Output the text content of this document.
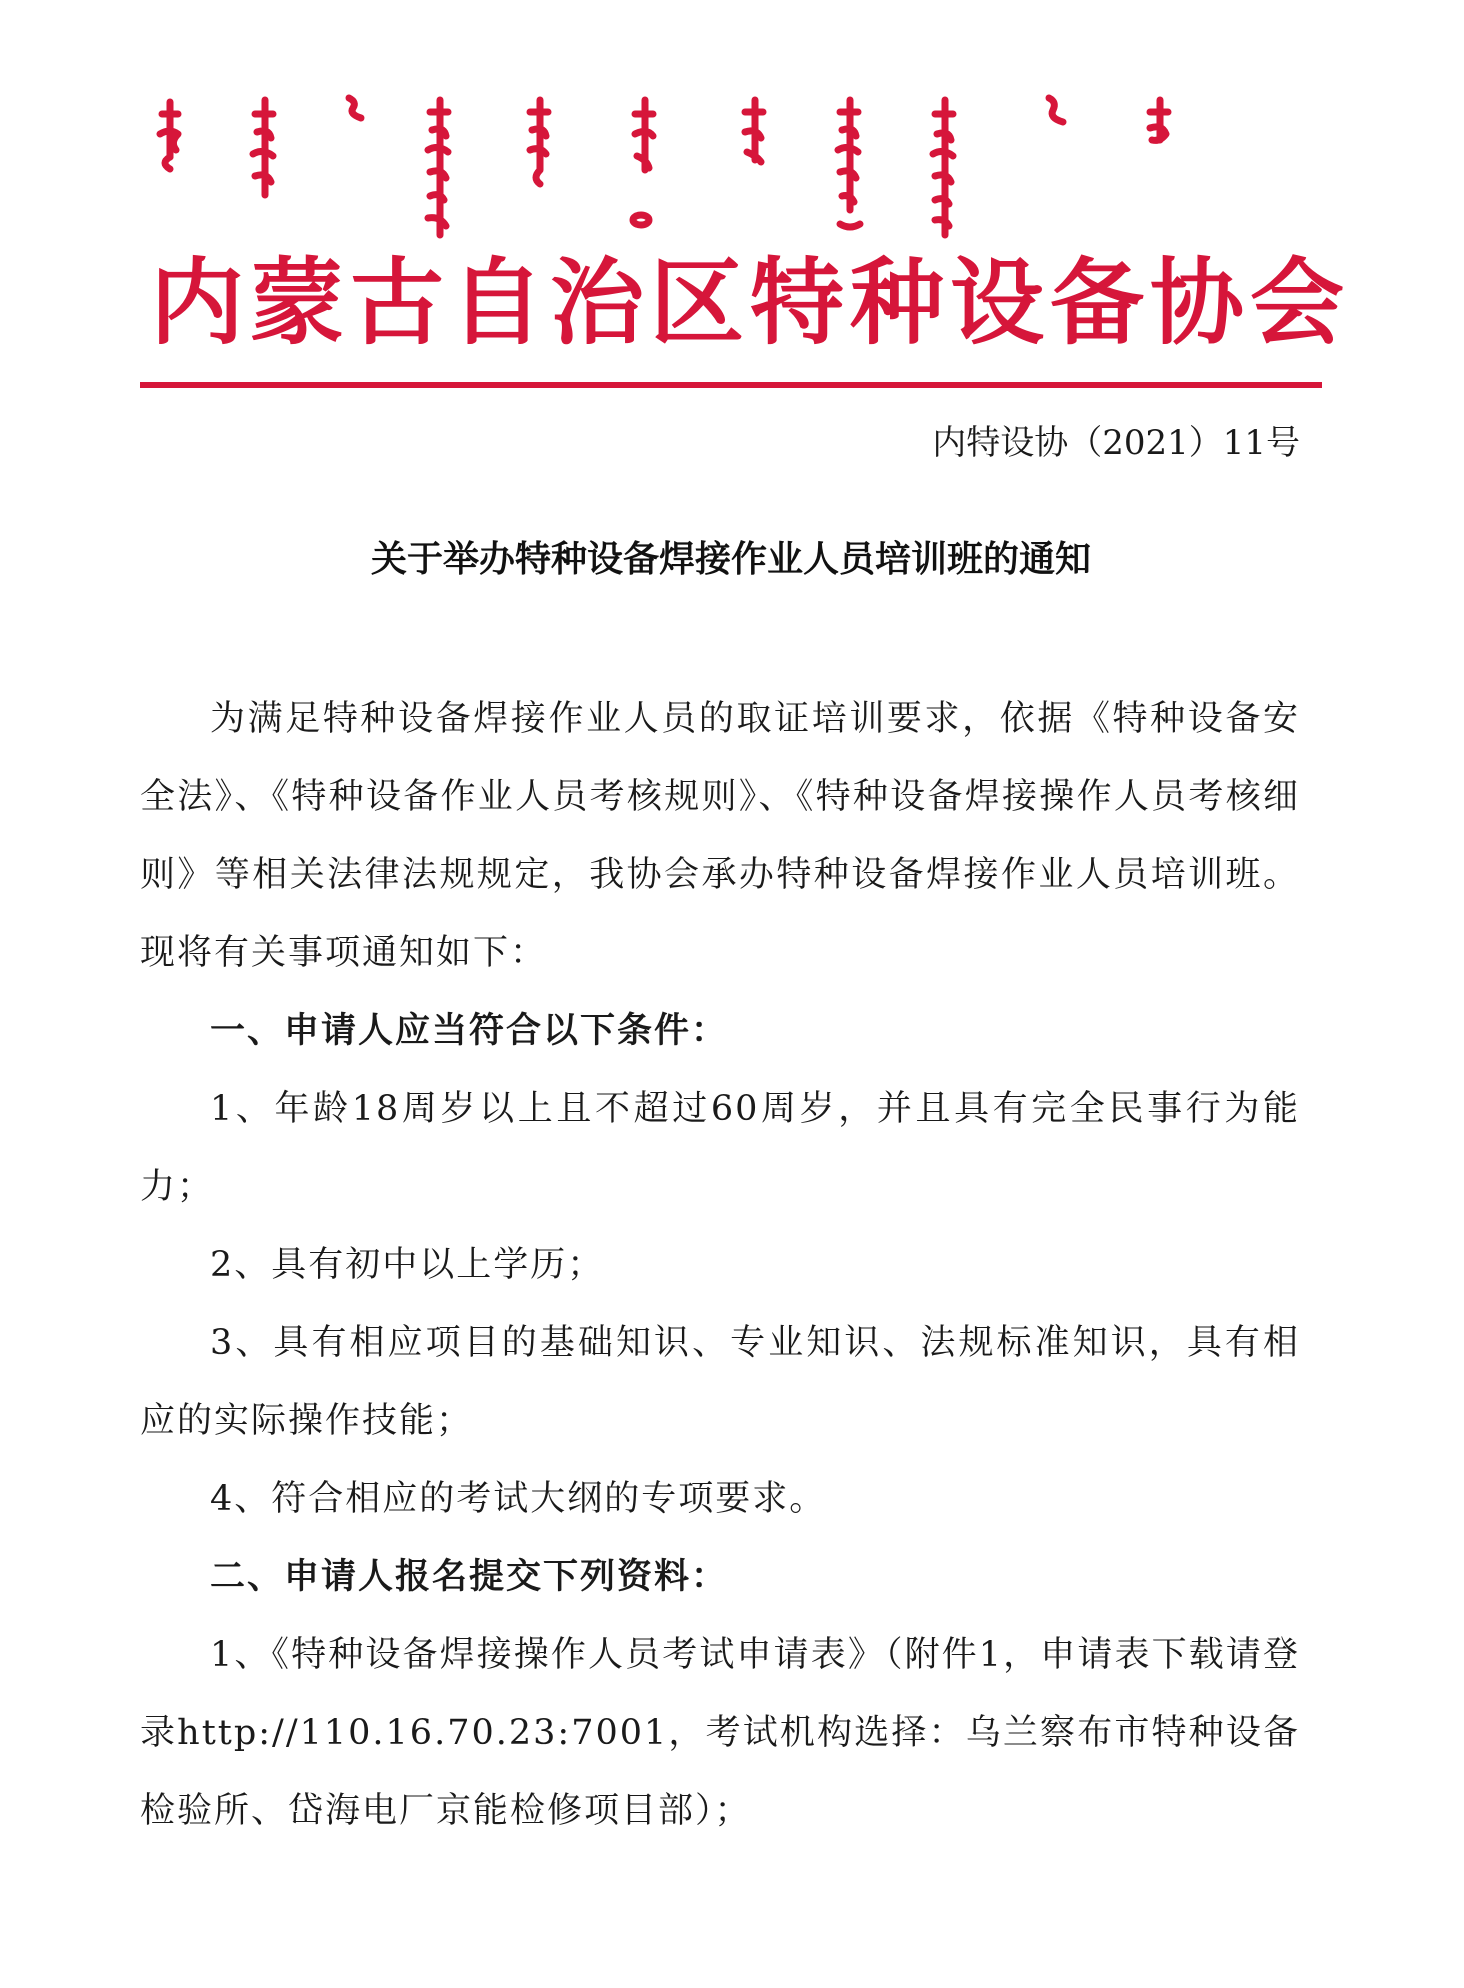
内蒙古自治区特种设备协会
内特设协（2021）11号
关于举办特种设备焊接作业人员培训班的通知

为满足特种设备焊接作业人员的取证培训要求，依据《特种设备安全法》、《特种设备作业人员考核规则》、《特种设备焊接操作人员考核细则》等相关法律法规规定，我协会承办特种设备焊接作业人员培训班。现将有关事项通知如下：

一、申请人应当符合以下条件：

1、年龄18周岁以上且不超过60周岁，并且具有完全民事行为能力；

2、具有初中以上学历；

3、具有相应项目的基础知识、专业知识、法规标准知识，具有相应的实际操作技能；

4、符合相应的考试大纲的专项要求。

二、申请人报名提交下列资料：

1、《特种设备焊接操作人员考试申请表》（附件1，申请表下载请登录http://110.16.70.23:7001，考试机构选择：乌兰察布市特种设备检验所、岱海电厂京能检修项目部）；
